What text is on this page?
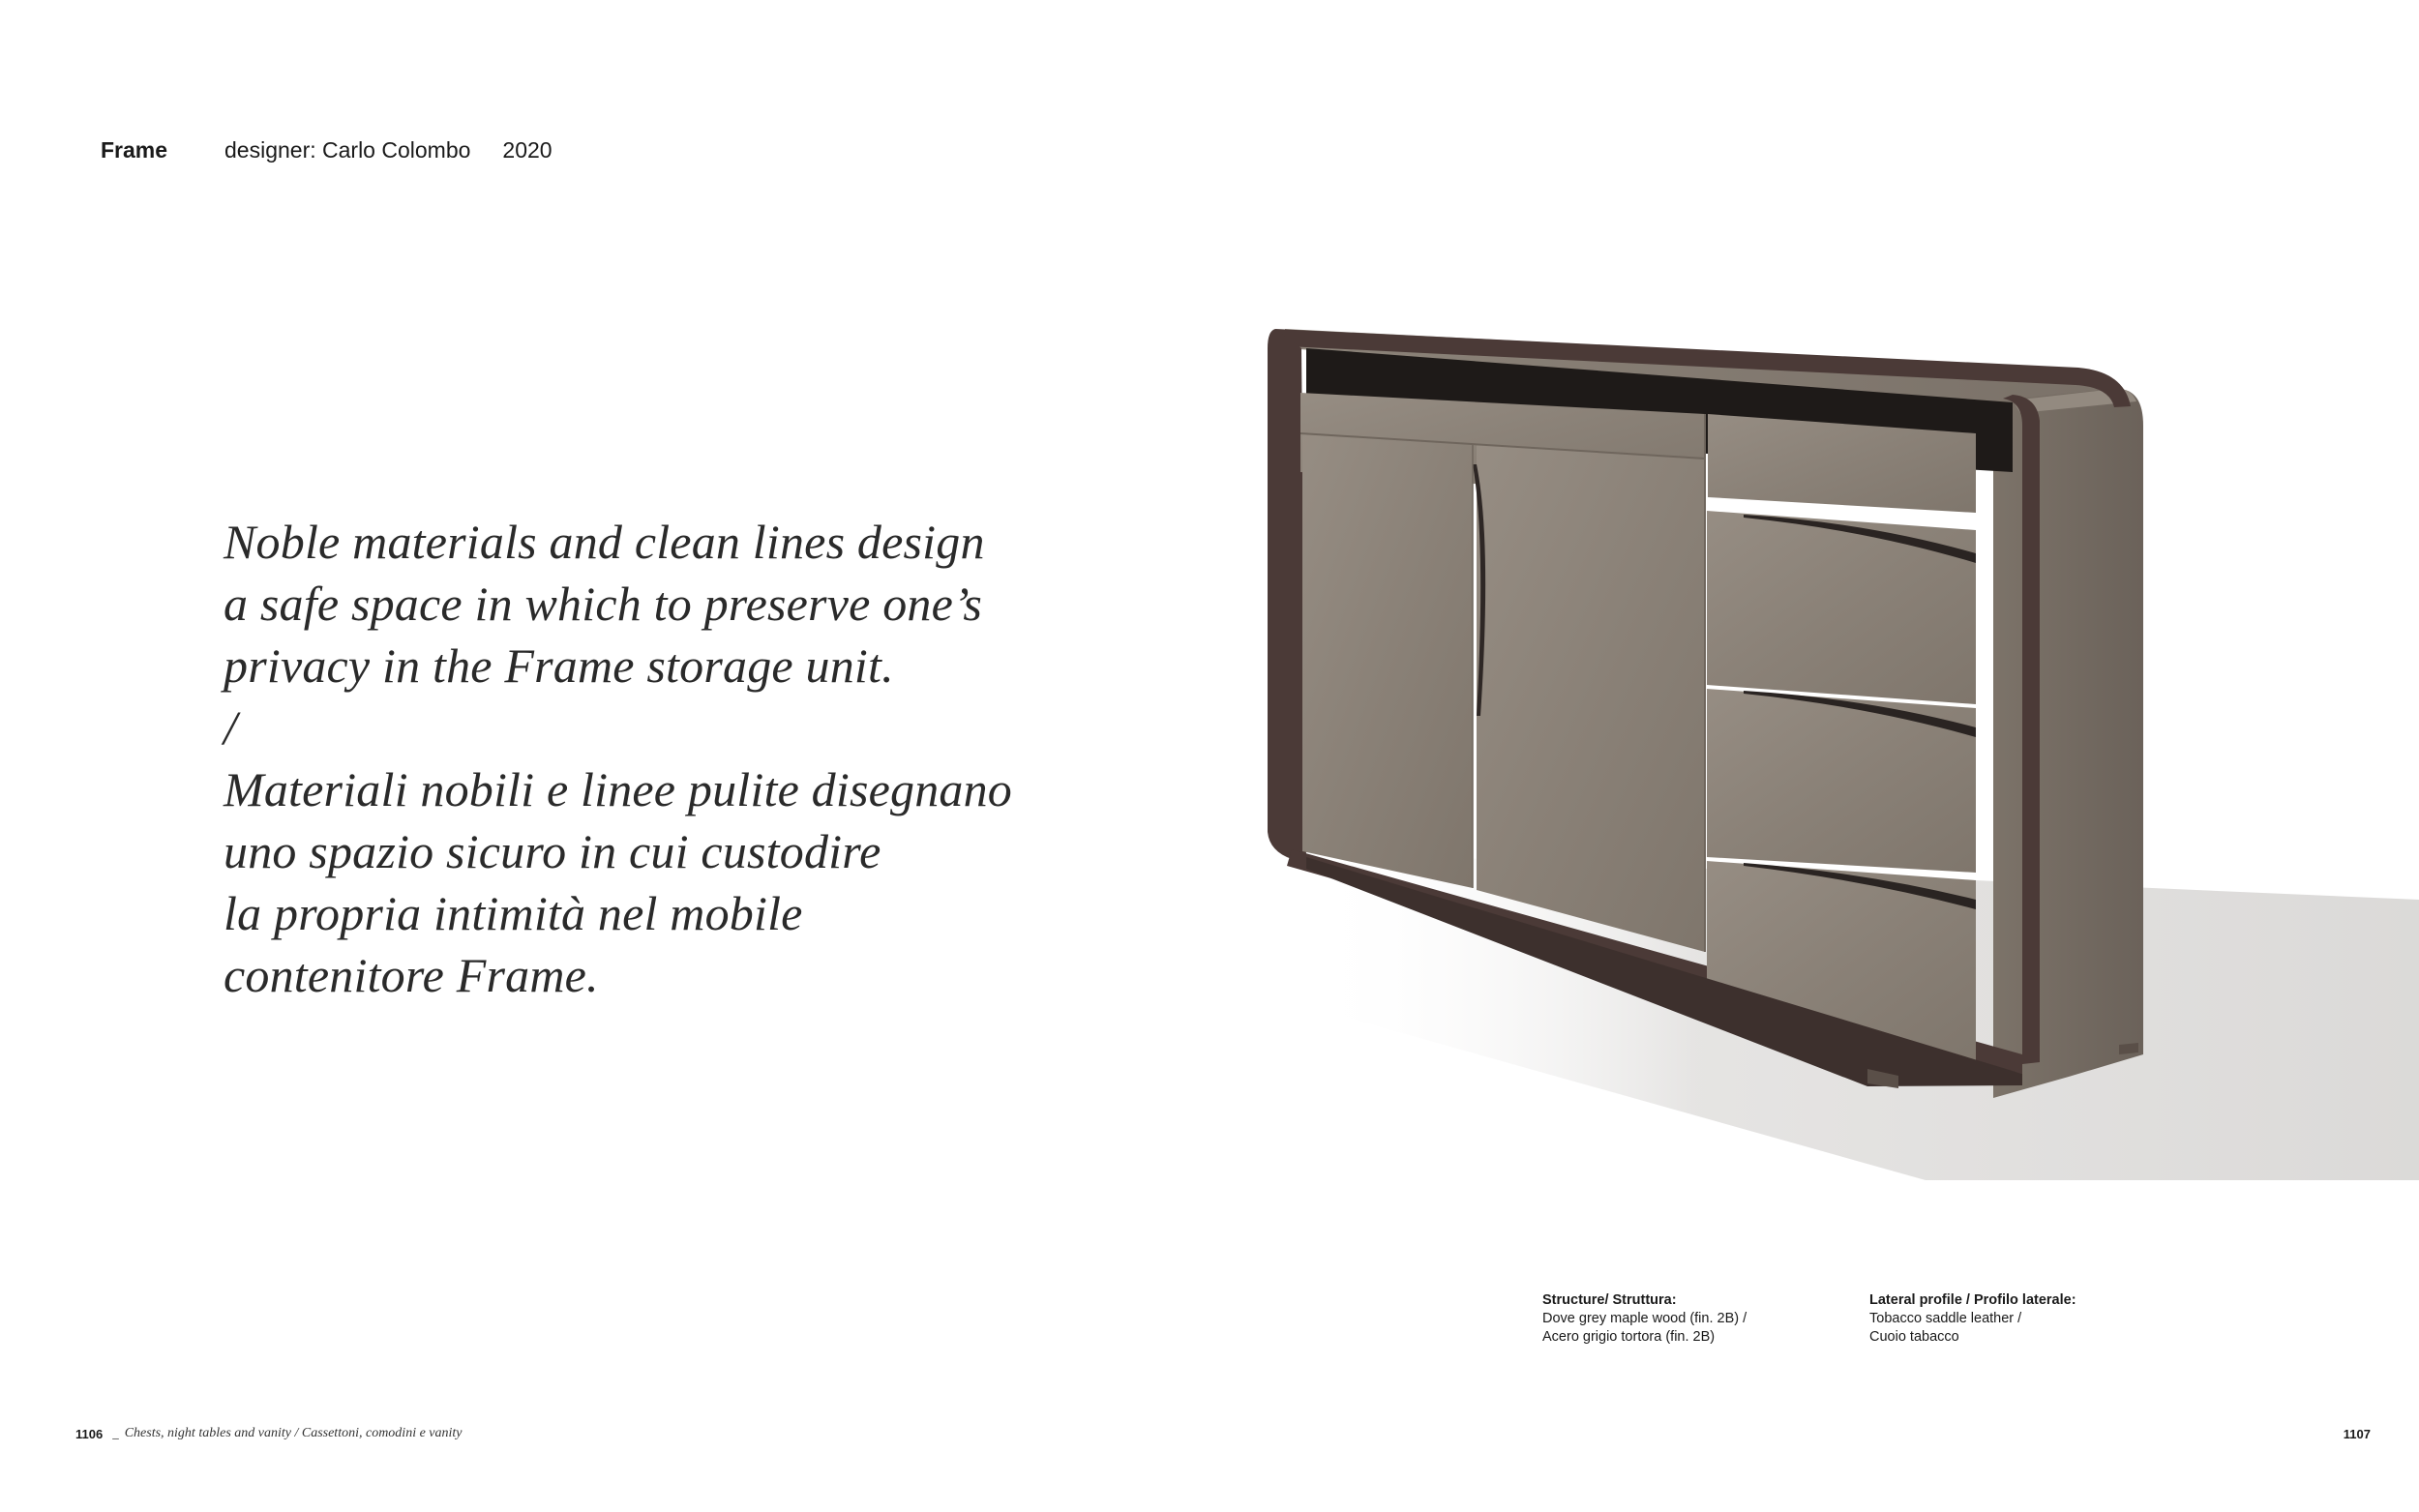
Frame	designer: Carlo Colombo 2020
Noble materials and clean lines design
a safe space in which to preserve one’s
privacy in the Frame storage unit.
/
Materiali nobili e linee pulite disegnano
uno spazio sicuro in cui custodire
la propria intimità nel mobile
contenitore Frame.
Structure/ Struttura:
Dove grey maple wood (fin. 2B) /
Acero grigio tortora (fin. 2B)
Lateral profile / Profilo laterale:
Tobacco saddle leather /
Cuoio tabacco
1106 _ Chests, night tables and vanity / Cassettoni, comodini e vanity	1107
